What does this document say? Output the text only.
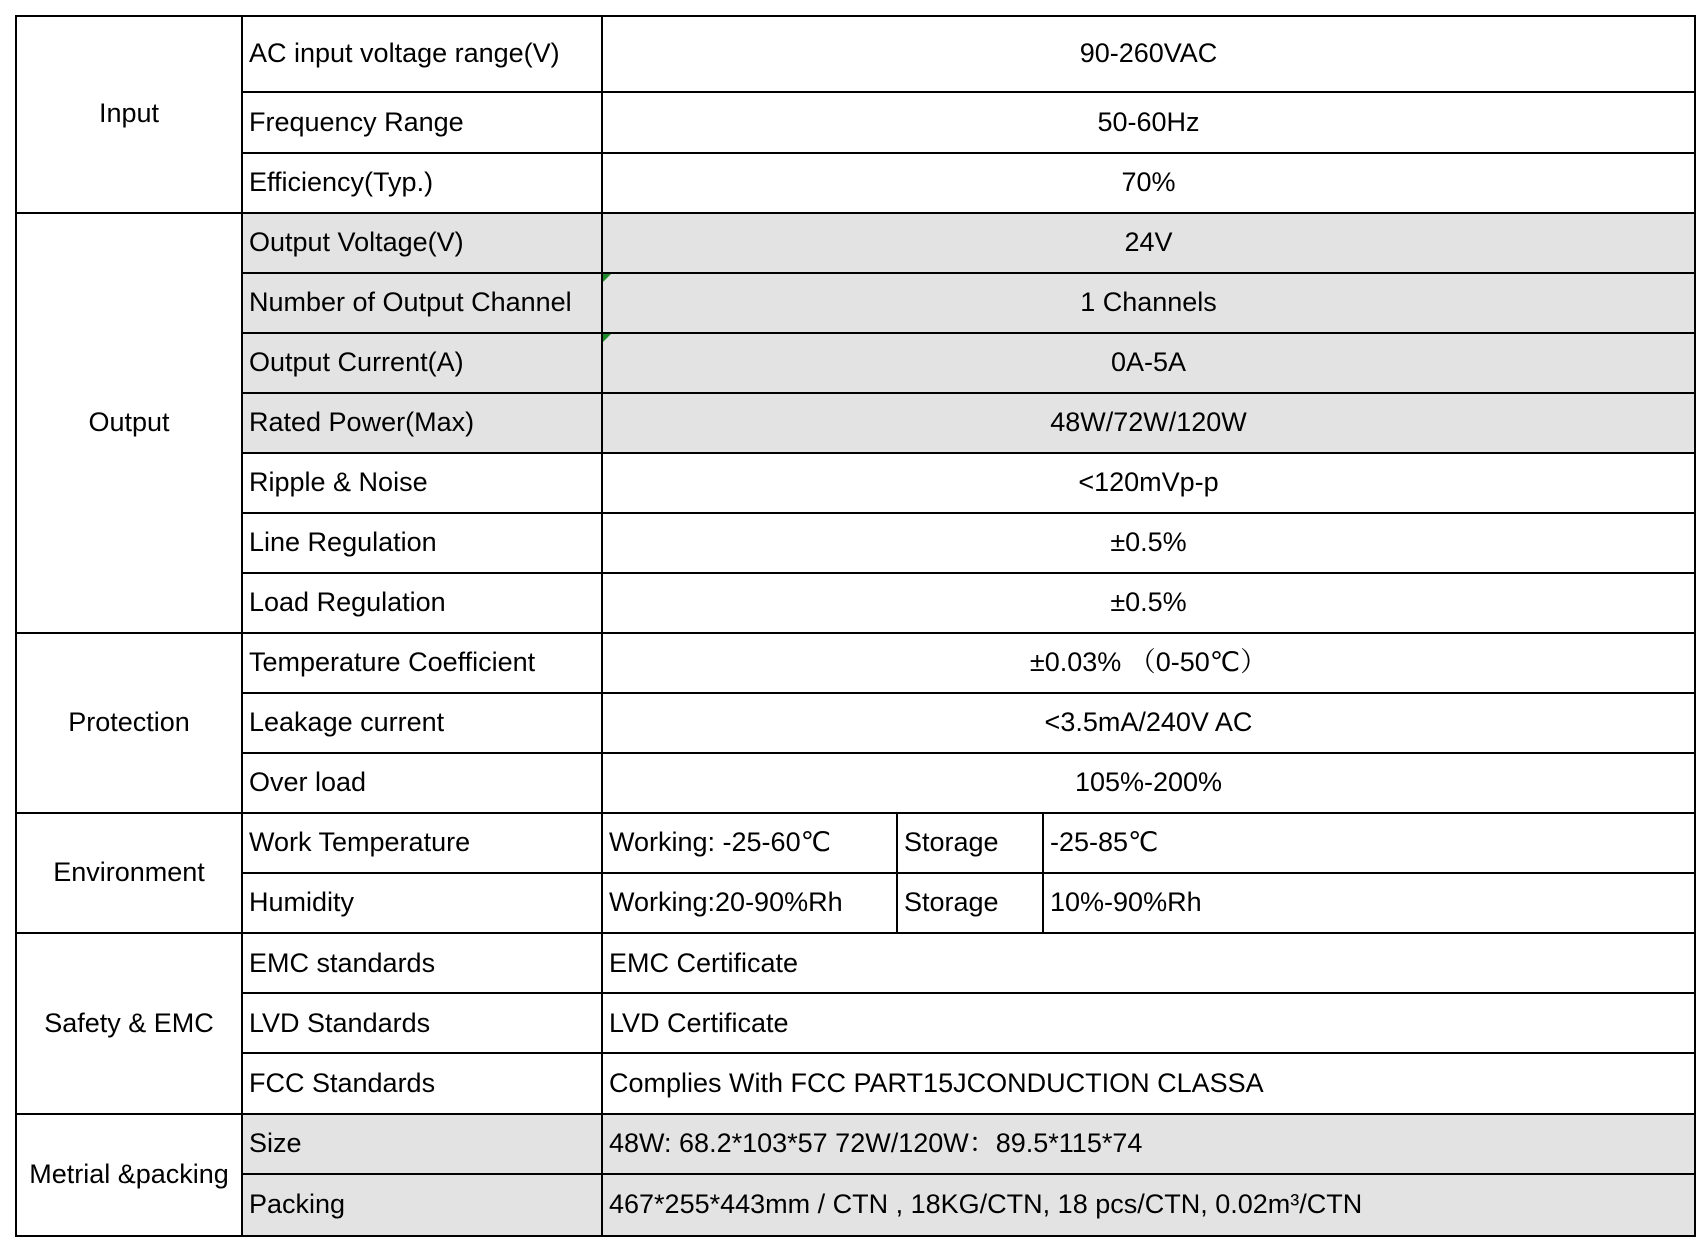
Input	AC input voltage range(V)	90-260VAC		
	Frequency Range	50-60Hz		
	Efficiency(Typ.)	70%		
Output	Output Voltage(V)	24V		
	Number of Output Channel	1 Channels		
	Output Current(A)	0A-5A		
	Rated Power(Max)	48W/72W/120W		
	Ripple & Noise	<120mVp-p		
	Line Regulation	±0.5%		
	Load Regulation	±0.5%		
Protection	Temperature Coefficient	±0.03% （0-50℃）		
	Leakage current	<3.5mA/240V AC		
	Over load	105%-200%		
Environment	Work Temperature	Working: -25-60℃	Storage	-25-85℃
	Humidity	Working:20-90%Rh	Storage	10%-90%Rh
Safety & EMC	EMC standards	EMC Certificate		
	LVD Standards	LVD Certificate		
	FCC Standards	Complies With FCC PART15JCONDUCTION CLASSA		
Metrial &packing	Size	48W: 68.2*103*57 72W/120W：89.5*115*74		
	Packing	467*255*443mm / CTN , 18KG/CTN, 18 pcs/CTN, 0.02m³/CTN		
